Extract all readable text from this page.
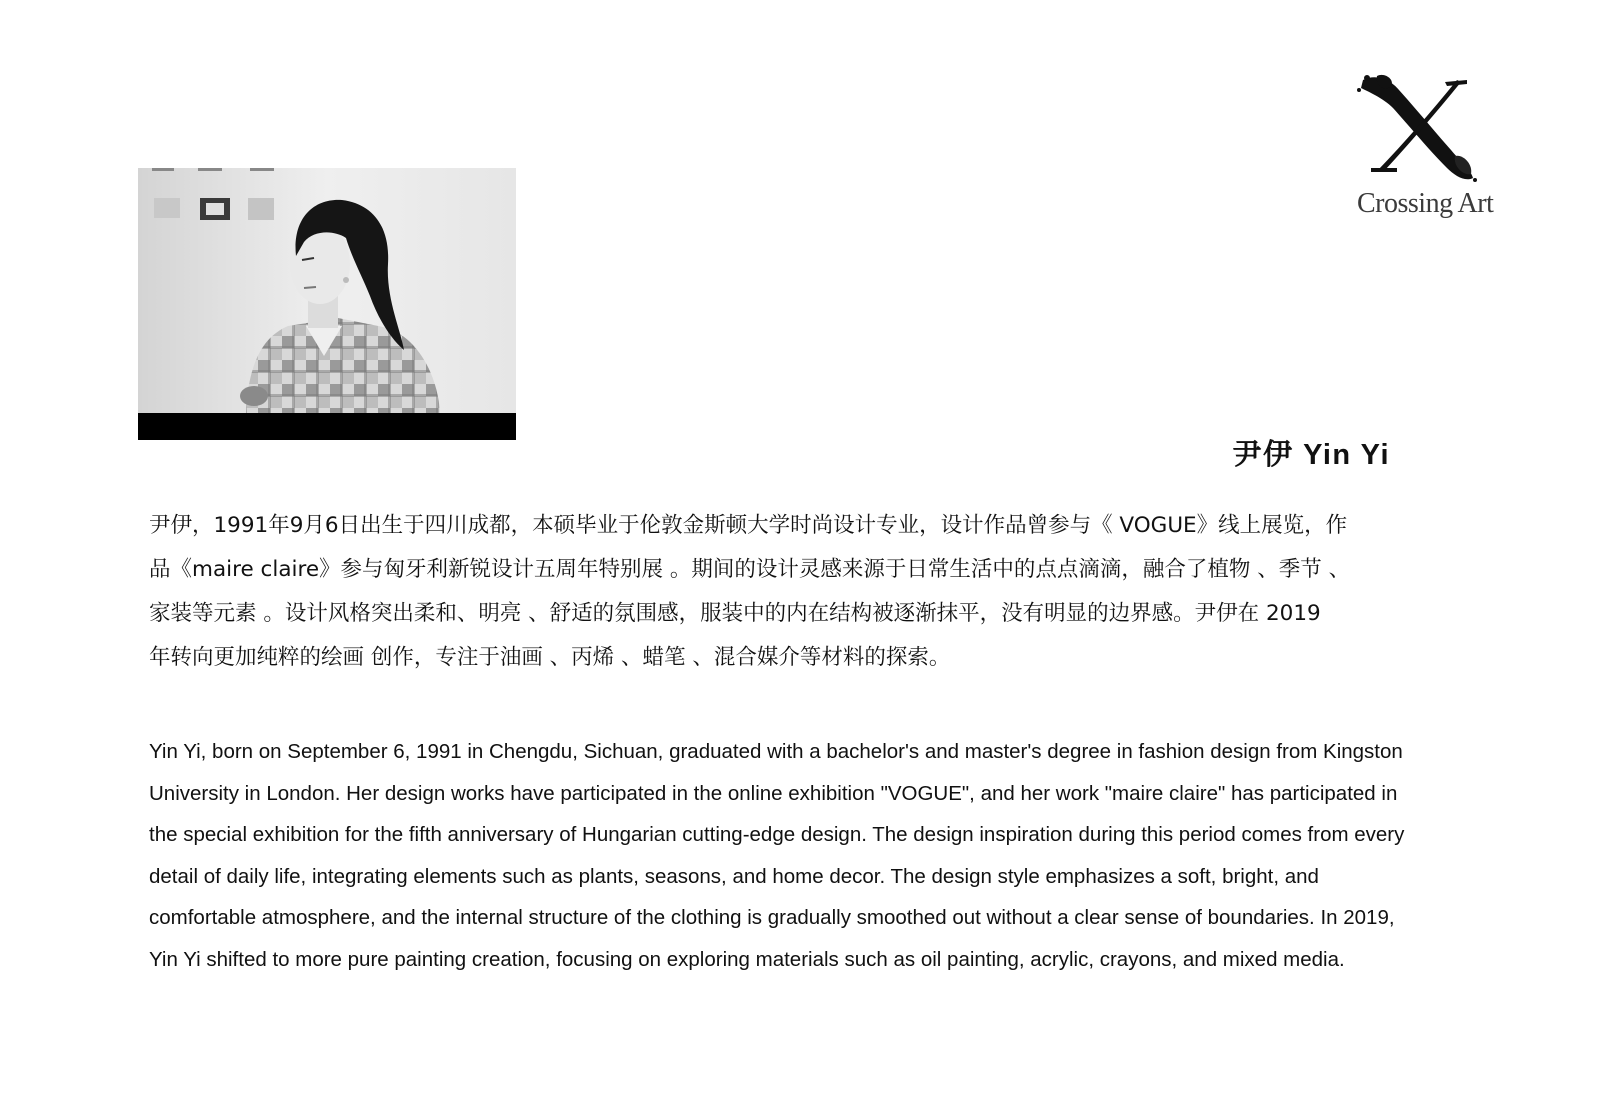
Crossing Art
尹伊 Yin Yi
尹伊，1991年9月6日出生于四川成都，本硕毕业于伦敦金斯顿大学时尚设计专业，设计作品曾参与《 VOGUE》线上展览，作
品《maire claire》参与匈牙利新锐设计五周年特别展 。期间的设计灵感来源于日常生活中的点点滴滴，融合了植物 、季节 、
家装等元素 。设计风格突出柔和、明亮 、舒适的氛围感，服装中的内在结构被逐渐抹平，没有明显的边界感。尹伊在 2019
年转向更加纯粹的绘画 创作，专注于油画 、丙烯 、蜡笔 、混合媒介等材料的探索。
Yin Yi, born on September 6, 1991 in Chengdu, Sichuan, graduated with a bachelor's and master's degree in fashion design from Kingston
University in London. Her design works have participated in the online exhibition "VOGUE", and her work "maire claire" has participated in
the special exhibition for the fifth anniversary of Hungarian cutting-edge design. The design inspiration during this period comes from every
detail of daily life, integrating elements such as plants, seasons, and home decor. The design style emphasizes a soft, bright, and
comfortable atmosphere, and the internal structure of the clothing is gradually smoothed out without a clear sense of boundaries. In 2019,
Yin Yi shifted to more pure painting creation, focusing on exploring materials such as oil painting, acrylic, crayons, and mixed media.
